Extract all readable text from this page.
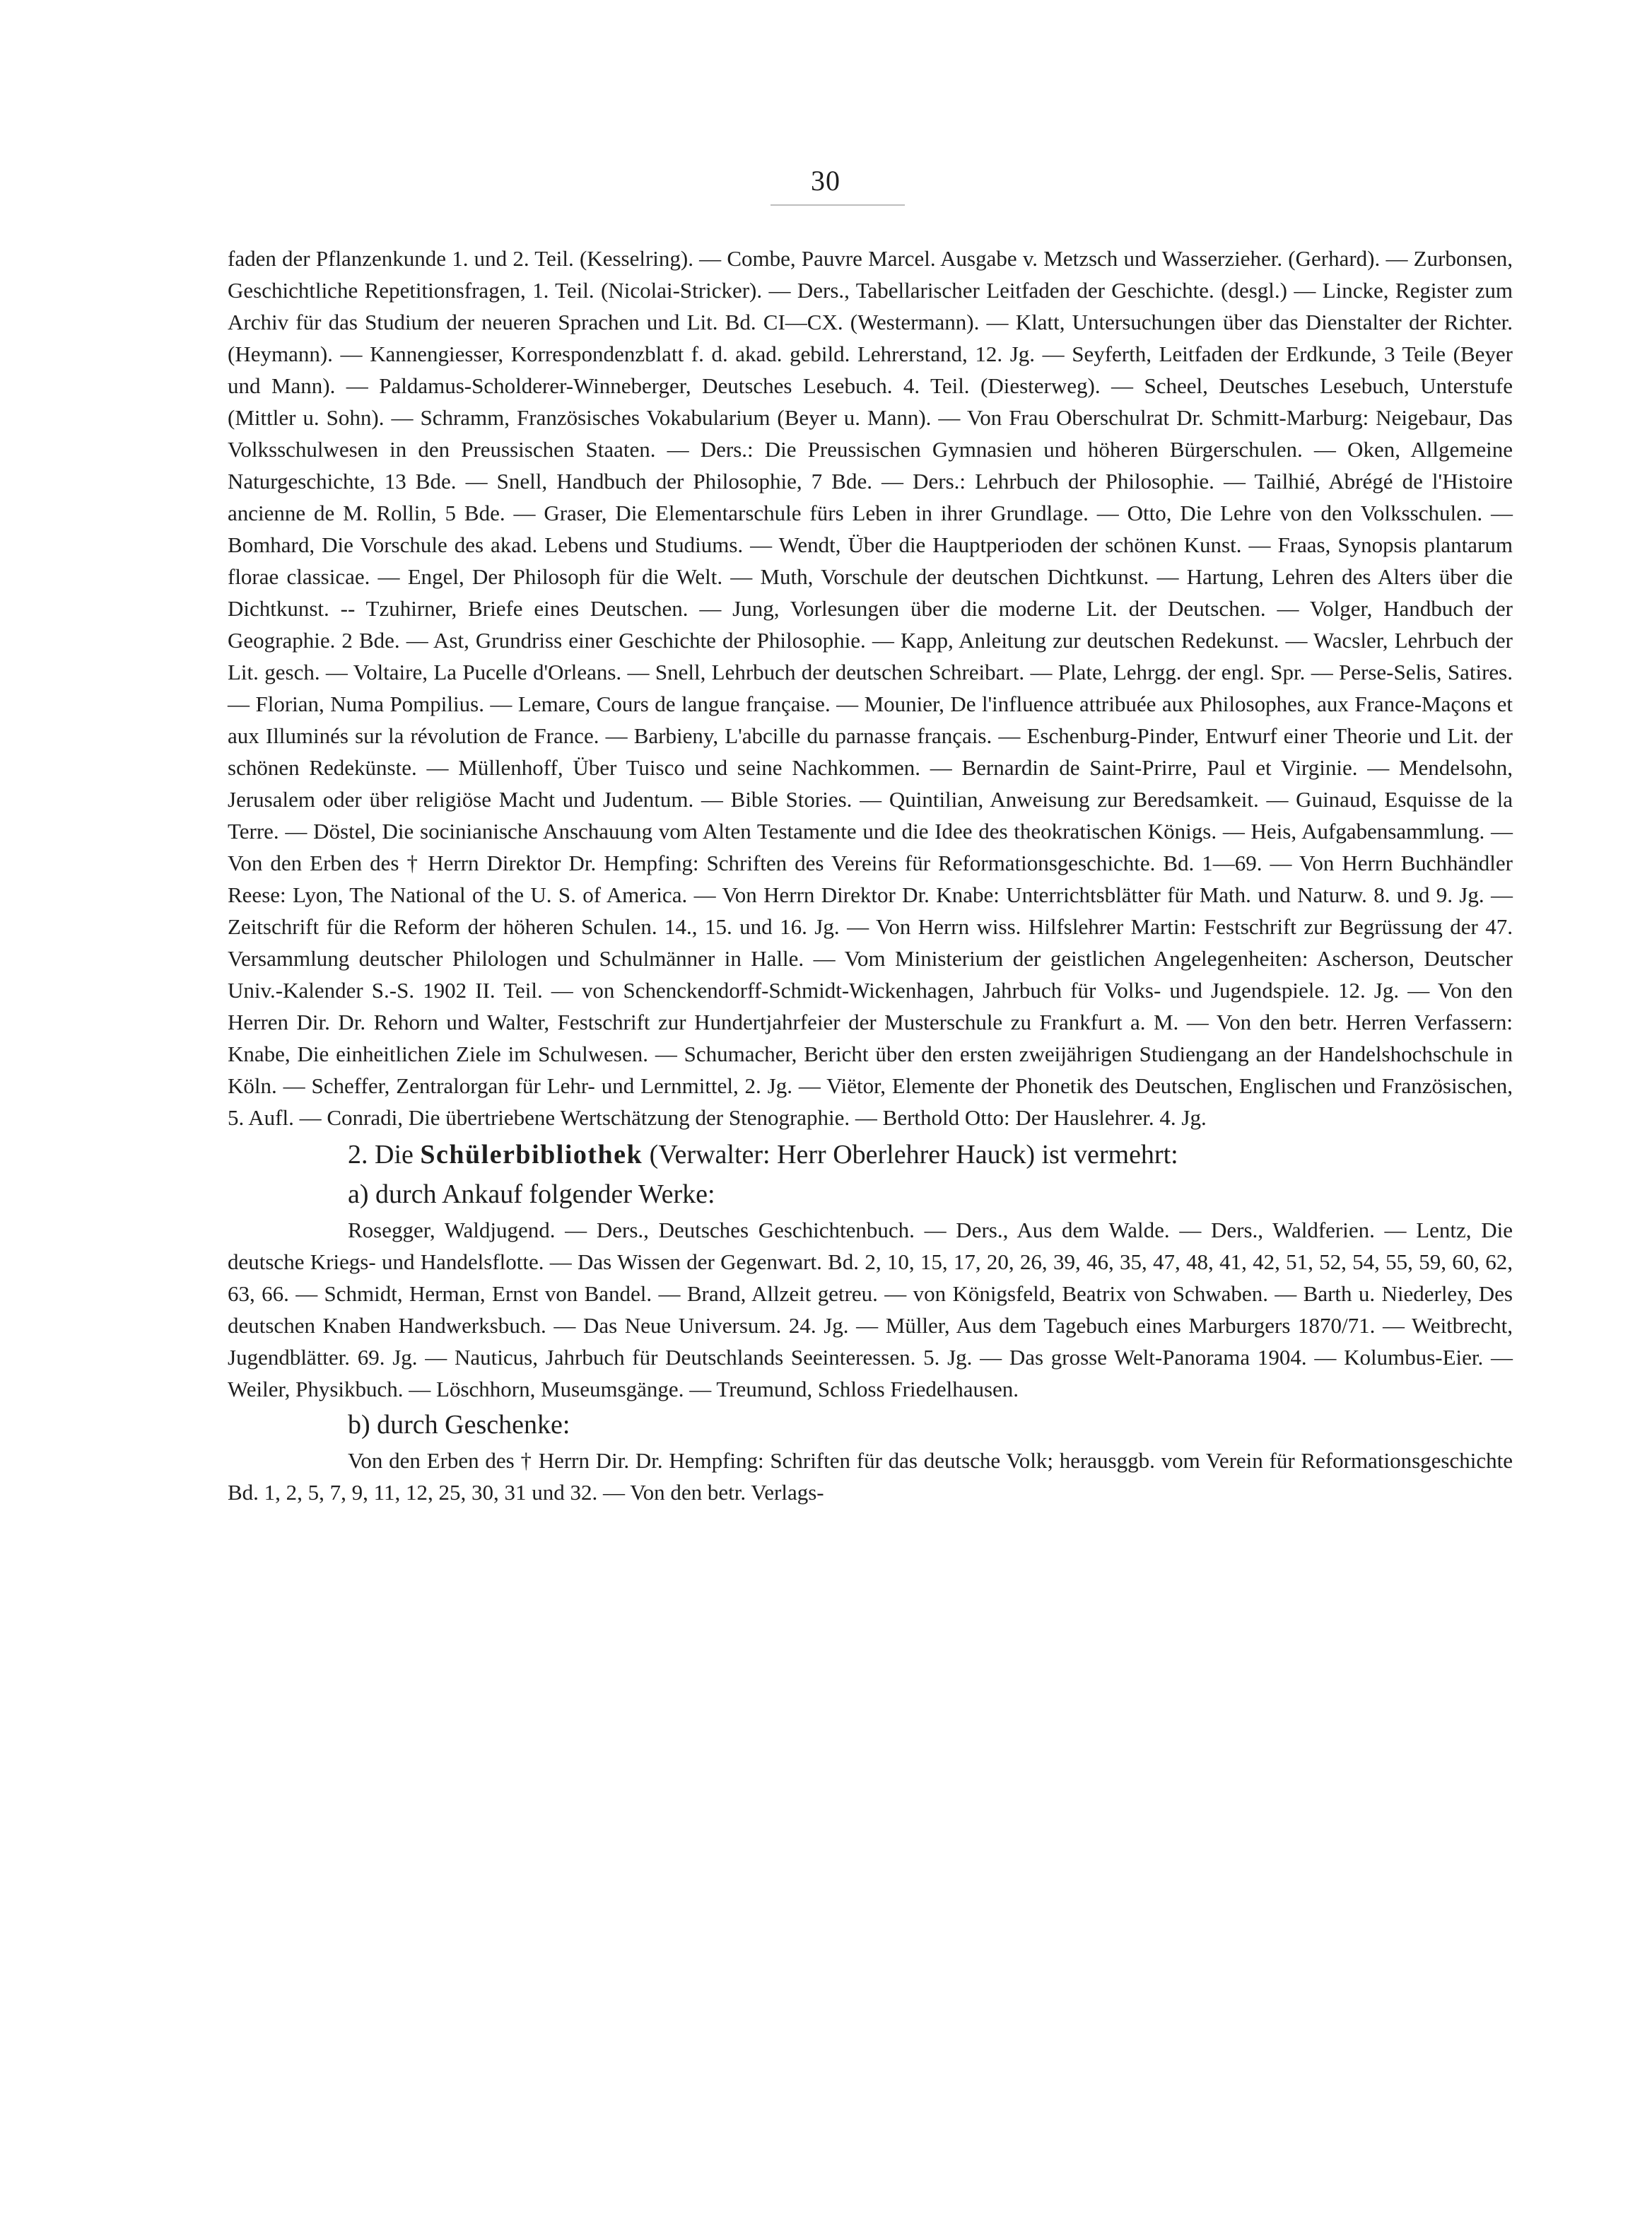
30

faden der Pflanzenkunde 1. und 2. Teil. (Kesselring). — Combe, Pauvre Marcel. Ausgabe v. Metzsch und Wasserzieher. (Gerhard). — Zurbonsen, Geschichtliche Repetitionsfragen, 1. Teil. (Nicolai-Stricker). — Ders., Tabellarischer Leitfaden der Geschichte. (desgl.) — Lincke, Register zum Archiv für das Studium der neueren Sprachen und Lit. Bd. CI—CX. (Westermann). — Klatt, Untersuchungen über das Dienstalter der Richter. (Heymann). — Kannengiesser, Korrespondenzblatt f. d. akad. gebild. Lehrerstand, 12. Jg. — Seyferth, Leitfaden der Erdkunde, 3 Teile (Beyer und Mann). — Paldamus-Scholderer-Winneberger, Deutsches Lesebuch. 4. Teil. (Diesterweg). — Scheel, Deutsches Lesebuch, Unterstufe (Mittler u. Sohn). — Schramm, Französisches Vokabularium (Beyer u. Mann). — Von Frau Oberschulrat Dr. Schmitt-Marburg: Neigebaur, Das Volksschulwesen in den Preussischen Staaten. — Ders.: Die Preussischen Gymnasien und höheren Bürgerschulen. — Oken, Allgemeine Naturgeschichte, 13 Bde. — Snell, Handbuch der Philosophie, 7 Bde. — Ders.: Lehrbuch der Philosophie. — Tailhié, Abrégé de l'Histoire ancienne de M. Rollin, 5 Bde. — Graser, Die Elementarschule fürs Leben in ihrer Grundlage. — Otto, Die Lehre von den Volksschulen. — Bomhard, Die Vorschule des akad. Lebens und Studiums. — Wendt, Über die Hauptperioden der schönen Kunst. — Fraas, Synopsis plantarum florae classicae. — Engel, Der Philosoph für die Welt. — Muth, Vorschule der deutschen Dichtkunst. — Hartung, Lehren des Alters über die Dichtkunst. -- Tzuhirner, Briefe eines Deutschen. — Jung, Vorlesungen über die moderne Lit. der Deutschen. — Volger, Handbuch der Geographie. 2 Bde. — Ast, Grundriss einer Geschichte der Philosophie. — Kapp, Anleitung zur deutschen Redekunst. — Wacsler, Lehrbuch der Lit. gesch. — Voltaire, La Pucelle d'Orleans. — Snell, Lehrbuch der deutschen Schreibart. — Plate, Lehrgg. der engl. Spr. — Perse-Selis, Satires. — Florian, Numa Pompilius. — Lemare, Cours de langue française. — Mounier, De l'influence attribuée aux Philosophes, aux France-Maçons et aux Illuminés sur la révolution de France. — Barbieny, L'abcille du parnasse français. — Eschenburg-Pinder, Entwurf einer Theorie und Lit. der schönen Redekünste. — Müllenhoff, Über Tuisco und seine Nachkommen. — Bernardin de Saint-Prirre, Paul et Virginie. — Mendelsohn, Jerusalem oder über religiöse Macht und Judentum. — Bible Stories. — Quintilian, Anweisung zur Beredsamkeit. — Guinaud, Esquisse de la Terre. — Döstel, Die socinianische Anschauung vom Alten Testamente und die Idee des theokratischen Königs. — Heis, Aufgabensammlung. — Von den Erben des † Herrn Direktor Dr. Hempfing: Schriften des Vereins für Reformationsgeschichte. Bd. 1—69. — Von Herrn Buchhändler Reese: Lyon, The National of the U. S. of America. — Von Herrn Direktor Dr. Knabe: Unterrichtsblätter für Math. und Naturw. 8. und 9. Jg. — Zeitschrift für die Reform der höheren Schulen. 14., 15. und 16. Jg. — Von Herrn wiss. Hilfslehrer Martin: Festschrift zur Begrüssung der 47. Versammlung deutscher Philologen und Schulmänner in Halle. — Vom Ministerium der geistlichen Angelegenheiten: Ascherson, Deutscher Univ.-Kalender S.-S. 1902 II. Teil. — von Schenckendorff-Schmidt-Wickenhagen, Jahrbuch für Volks- und Jugendspiele. 12. Jg. — Von den Herren Dir. Dr. Rehorn und Walter, Festschrift zur Hundertjahrfeier der Musterschule zu Frankfurt a. M. — Von den betr. Herren Verfassern: Knabe, Die einheitlichen Ziele im Schulwesen. — Schumacher, Bericht über den ersten zweijährigen Studiengang an der Handelshochschule in Köln. — Scheffer, Zentralorgan für Lehr- und Lernmittel, 2. Jg. — Viëtor, Elemente der Phonetik des Deutschen, Englischen und Französischen, 5. Aufl. — Conradi, Die übertriebene Wertschätzung der Stenographie. — Berthold Otto: Der Hauslehrer. 4. Jg.

2. Die Schülerbibliothek (Verwalter: Herr Oberlehrer Hauck) ist vermehrt:

a) durch Ankauf folgender Werke:

Rosegger, Waldjugend. — Ders., Deutsches Geschichtenbuch. — Ders., Aus dem Walde. — Ders., Waldferien. — Lentz, Die deutsche Kriegs- und Handelsflotte. — Das Wissen der Gegenwart. Bd. 2, 10, 15, 17, 20, 26, 39, 46, 35, 47, 48, 41, 42, 51, 52, 54, 55, 59, 60, 62, 63, 66. — Schmidt, Herman, Ernst von Bandel. — Brand, Allzeit getreu. — von Königsfeld, Beatrix von Schwaben. — Barth u. Niederley, Des deutschen Knaben Handwerksbuch. — Das Neue Universum. 24. Jg. — Müller, Aus dem Tagebuch eines Marburgers 1870/71. — Weitbrecht, Jugendblätter. 69. Jg. — Nauticus, Jahrbuch für Deutschlands Seeinteressen. 5. Jg. — Das grosse Welt-Panorama 1904. — Kolumbus-Eier. — Weiler, Physikbuch. — Löschhorn, Museumsgänge. — Treumund, Schloss Friedelhausen.

b) durch Geschenke:

Von den Erben des † Herrn Dir. Dr. Hempfing: Schriften für das deutsche Volk; herausggb. vom Verein für Reformationsgeschichte Bd. 1, 2, 5, 7, 9, 11, 12, 25, 30, 31 und 32. — Von den betr. Verlags-
